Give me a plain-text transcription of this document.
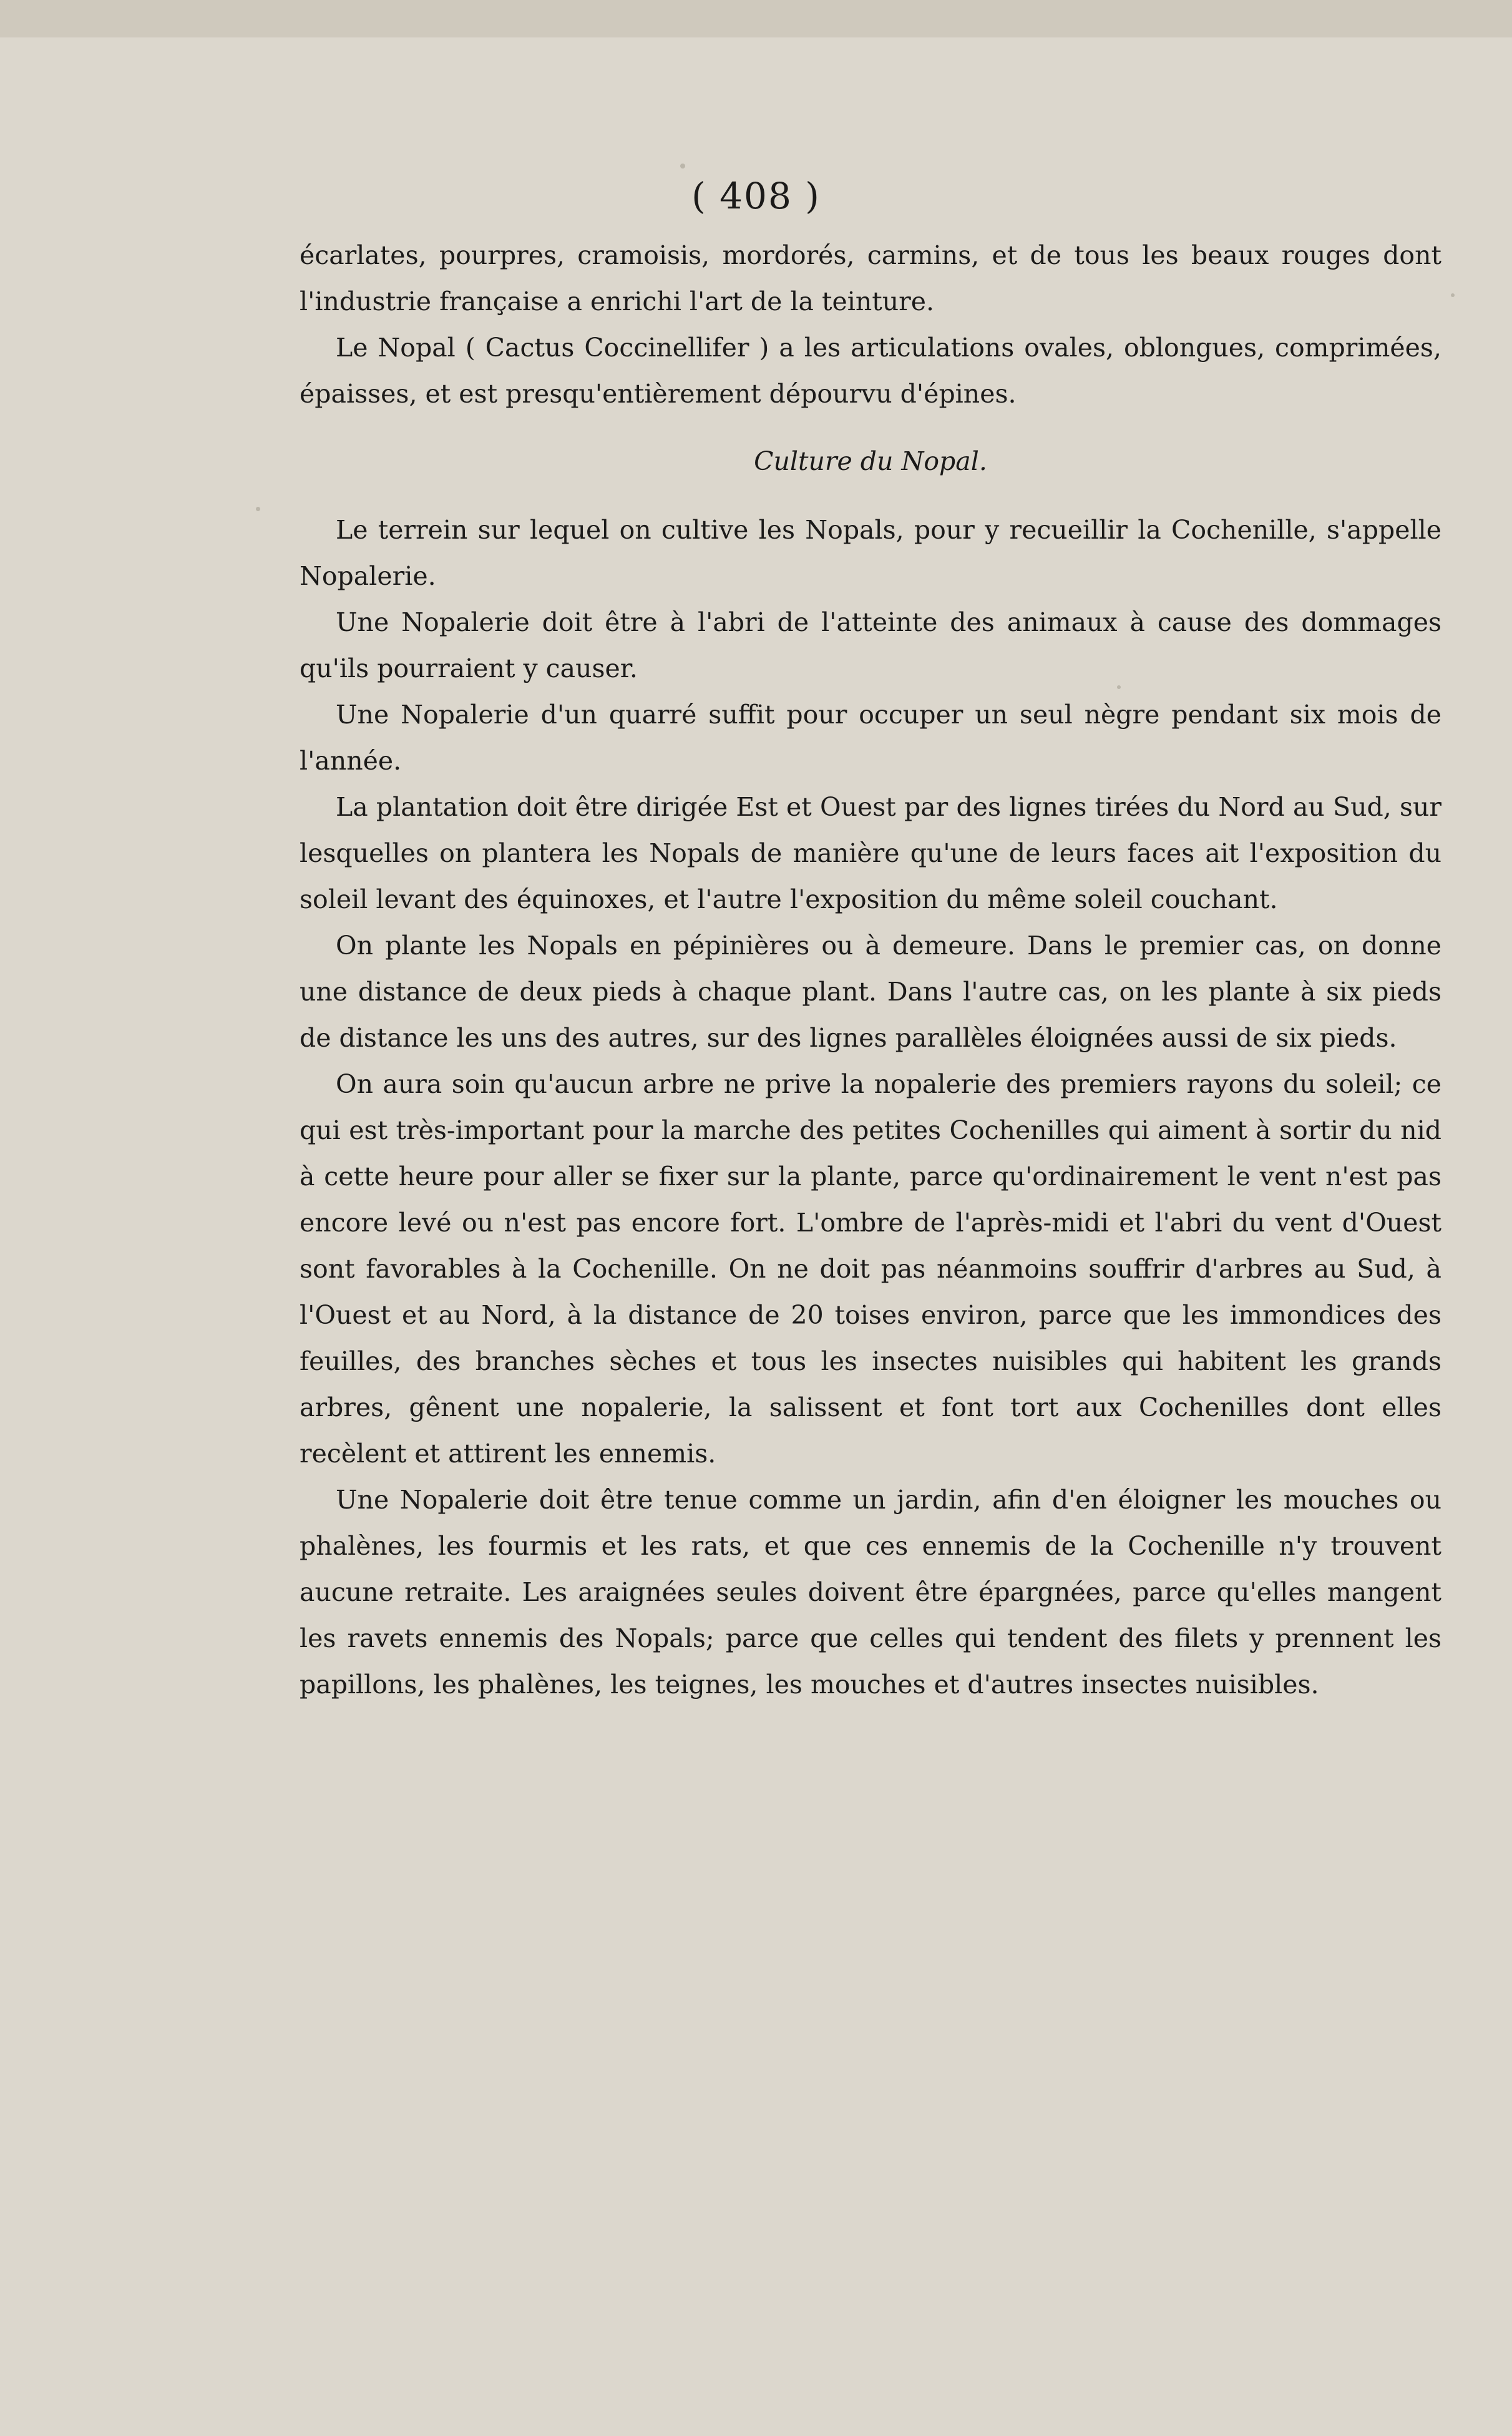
( 408 )

écarlates, pourpres, cramoisis, mordorés, carmins, et de tous les beaux rouges dont l'industrie française a enrichi l'art de la teinture.

Le Nopal ( Cactus Coccinellifer ) a les articulations ovales, oblongues, comprimées, épaisses, et est presqu'entièrement dépourvu d'épines.

Culture du Nopal.

Le terrein sur lequel on cultive les Nopals, pour y recueillir la Cochenille, s'appelle Nopalerie.

Une Nopalerie doit être à l'abri de l'atteinte des animaux à cause des dommages qu'ils pourraient y causer.

Une Nopalerie d'un quarré suffit pour occuper un seul nègre pendant six mois de l'année.

La plantation doit être dirigée Est et Ouest par des lignes tirées du Nord au Sud, sur lesquelles on plantera les Nopals de manière qu'une de leurs faces ait l'exposition du soleil levant des équinoxes, et l'autre l'exposition du même soleil couchant.

On plante les Nopals en pépinières ou à demeure. Dans le premier cas, on donne une distance de deux pieds à chaque plant. Dans l'autre cas, on les plante à six pieds de distance les uns des autres, sur des lignes parallèles éloignées aussi de six pieds.

On aura soin qu'aucun arbre ne prive la nopalerie des premiers rayons du soleil; ce qui est très-important pour la marche des petites Cochenilles qui aiment à sortir du nid à cette heure pour aller se fixer sur la plante, parce qu'ordinairement le vent n'est pas encore levé ou n'est pas encore fort. L'ombre de l'après-midi et l'abri du vent d'Ouest sont favorables à la Cochenille. On ne doit pas néanmoins souffrir d'arbres au Sud, à l'Ouest et au Nord, à la distance de 20 toises environ, parce que les immondices des feuilles, des branches sèches et tous les insectes nuisibles qui habitent les grands arbres, gênent une nopalerie, la salissent et font tort aux Cochenilles dont elles recèlent et attirent les ennemis.

Une Nopalerie doit être tenue comme un jardin, afin d'en éloigner les mouches ou phalènes, les fourmis et les rats, et que ces ennemis de la Cochenille n'y trouvent aucune retraite. Les araignées seules doivent être épargnées, parce qu'elles mangent les ravets ennemis des Nopals; parce que celles qui tendent des filets y prennent les papillons, les phalènes, les teignes, les mouches et d'autres insectes nuisibles.
